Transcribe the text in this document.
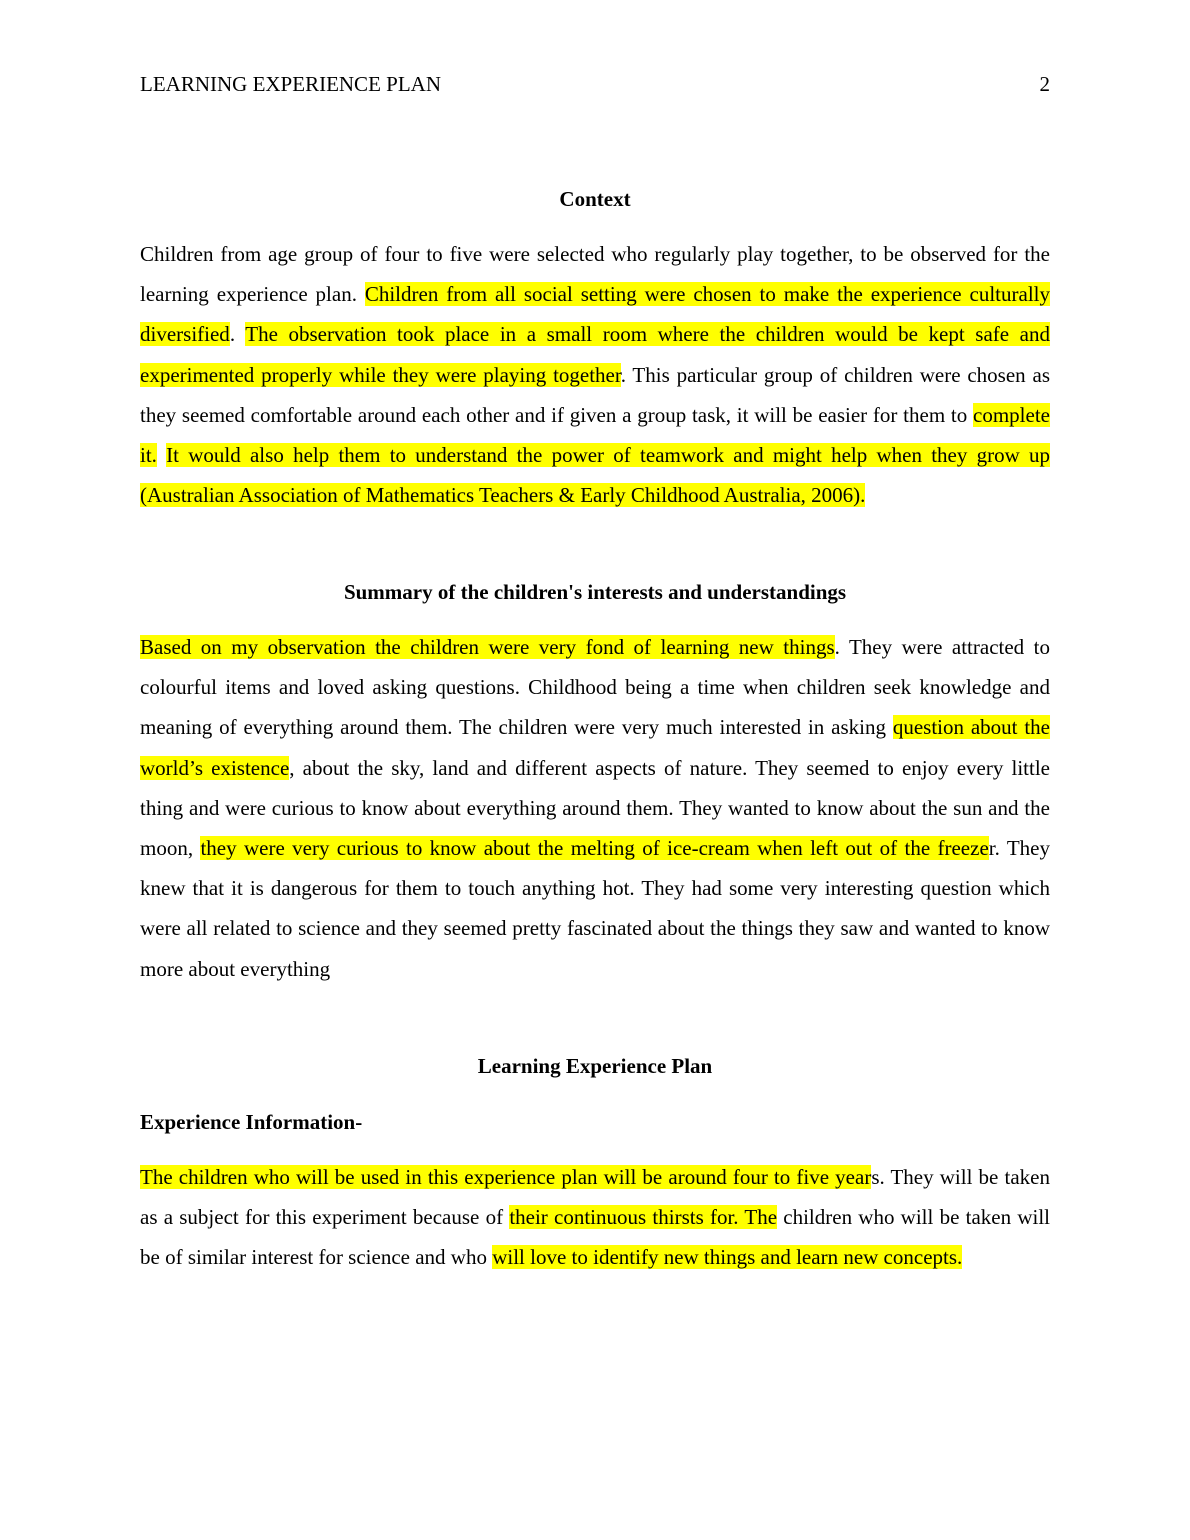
LEARNING EXPERIENCE PLAN	2
Context

Children from age group of four to five were selected who regularly play together, to be observed for the learning experience plan. Children from all social setting were chosen to make the experience culturally diversified. The observation took place in a small room where the children would be kept safe and experimented properly while they were playing together. This particular group of children were chosen as they seemed comfortable around each other and if given a group task, it will be easier for them to complete it. It would also help them to understand the power of teamwork and might help when they grow up (Australian Association of Mathematics Teachers & Early Childhood Australia, 2006).

Summary of the children's interests and understandings

Based on my observation the children were very fond of learning new things. They were attracted to colourful items and loved asking questions. Childhood being a time when children seek knowledge and meaning of everything around them. The children were very much interested in asking question about the world’s existence, about the sky, land and different aspects of nature. They seemed to enjoy every little thing and were curious to know about everything around them. They wanted to know about the sun and the moon, they were very curious to know about the melting of ice-cream when left out of the freezer. They knew that it is dangerous for them to touch anything hot. They had some very interesting question which were all related to science and they seemed pretty fascinated about the things they saw and wanted to know more about everything

Learning Experience Plan
Experience Information-

The children who will be used in this experience plan will be around four to five years. They will be taken as a subject for this experiment because of their continuous thirsts for. The children who will be taken will be of similar interest for science and who will love to identify new things and learn new concepts.
